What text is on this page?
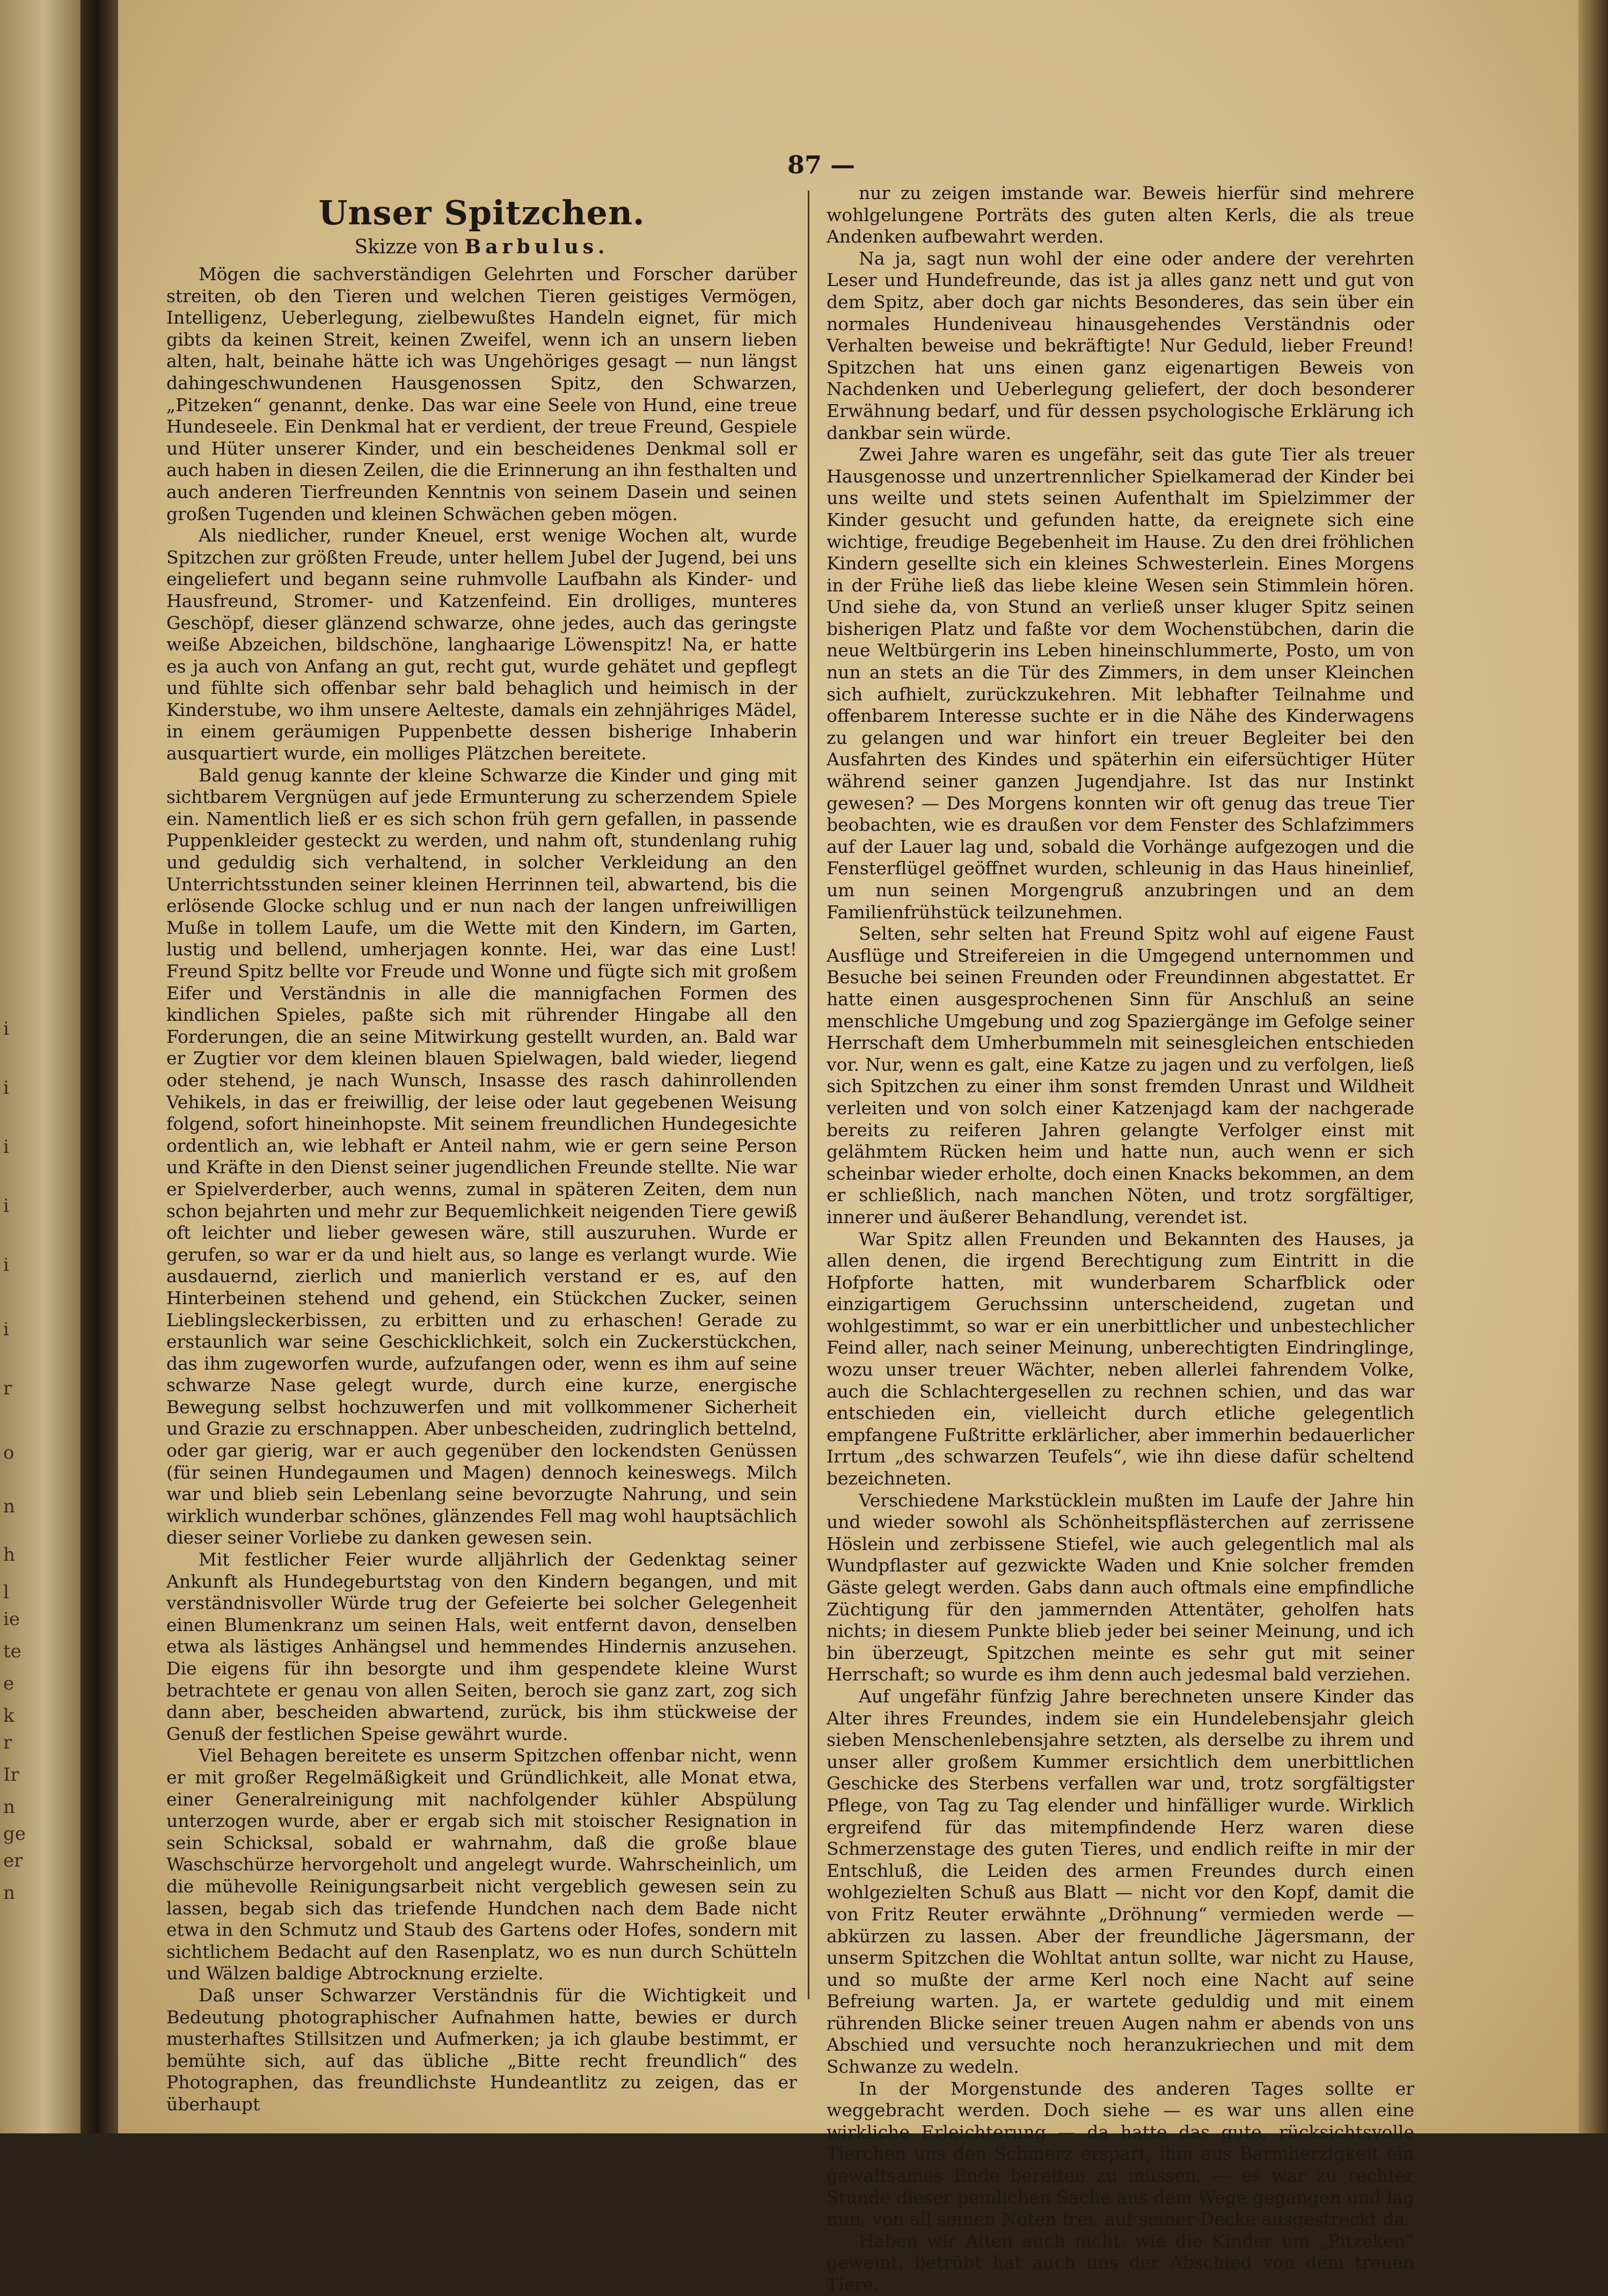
i
i
i
i
i
i
r
o
n
h
l
ie
te
e
k
r
Ir
n
ge
er
n
87 —
Unser Spitzchen.
Skizze von Barbulus.

Mögen die sachverständigen Gelehrten und Forscher darüber streiten, ob den Tieren und welchen Tieren geistiges Vermögen, Intelligenz, Ueberlegung, zielbewußtes Handeln eignet, für mich gibts da keinen Streit, keinen Zweifel, wenn ich an unsern lieben alten, halt, beinahe hätte ich was Ungehöriges gesagt — nun längst dahingeschwundenen Hausgenossen Spitz, den Schwarzen, „Pitzeken“ genannt, denke. Das war eine Seele von Hund, eine treue Hundeseele. Ein Denkmal hat er verdient, der treue Freund, Gespiele und Hüter unserer Kinder, und ein bescheidenes Denkmal soll er auch haben in diesen Zeilen, die die Erinnerung an ihn festhalten und auch anderen Tierfreunden Kenntnis von seinem Dasein und seinen großen Tugenden und kleinen Schwächen geben mögen.

Als niedlicher, runder Kneuel, erst wenige Wochen alt, wurde Spitzchen zur größten Freude, unter hellem Jubel der Jugend, bei uns eingeliefert und begann seine ruhmvolle Laufbahn als Kinder- und Hausfreund, Stromer- und Katzenfeind. Ein drolliges, munteres Geschöpf, dieser glänzend schwarze, ohne jedes, auch das geringste weiße Abzeichen, bildschöne, langhaarige Löwenspitz! Na, er hatte es ja auch von Anfang an gut, recht gut, wurde gehätet und gepflegt und fühlte sich offenbar sehr bald behaglich und heimisch in der Kinderstube, wo ihm unsere Aelteste, damals ein zehnjähriges Mädel, in einem geräumigen Puppenbette dessen bisherige Inhaberin ausquartiert wurde, ein molliges Plätzchen bereitete.

Bald genug kannte der kleine Schwarze die Kinder und ging mit sichtbarem Vergnügen auf jede Ermunterung zu scherzendem Spiele ein. Namentlich ließ er es sich schon früh gern gefallen, in passende Puppenkleider gesteckt zu werden, und nahm oft, stundenlang ruhig und geduldig sich verhaltend, in solcher Verkleidung an den Unterrichtsstunden seiner kleinen Herrinnen teil, abwartend, bis die erlösende Glocke schlug und er nun nach der langen unfreiwilligen Muße in tollem Laufe, um die Wette mit den Kindern, im Garten, lustig und bellend, umherjagen konnte. Hei, war das eine Lust! Freund Spitz bellte vor Freude und Wonne und fügte sich mit großem Eifer und Verständnis in alle die mannigfachen Formen des kindlichen Spieles, paßte sich mit rührender Hingabe all den Forderungen, die an seine Mitwirkung gestellt wurden, an. Bald war er Zugtier vor dem kleinen blauen Spielwagen, bald wieder, liegend oder stehend, je nach Wunsch, Insasse des rasch dahinrollenden Vehikels, in das er freiwillig, der leise oder laut gegebenen Weisung folgend, sofort hineinhopste. Mit seinem freundlichen Hundegesichte ordentlich an, wie lebhaft er Anteil nahm, wie er gern seine Person und Kräfte in den Dienst seiner jugendlichen Freunde stellte. Nie war er Spielverderber, auch wenns, zumal in späteren Zeiten, dem nun schon bejahrten und mehr zur Bequemlichkeit neigenden Tiere gewiß oft leichter und lieber gewesen wäre, still auszuruhen. Wurde er gerufen, so war er da und hielt aus, so lange es verlangt wurde. Wie ausdauernd, zierlich und manierlich verstand er es, auf den Hinterbeinen stehend und gehend, ein Stückchen Zucker, seinen Lieblingsleckerbissen, zu erbitten und zu erhaschen! Gerade zu erstaunlich war seine Geschicklichkeit, solch ein Zuckerstückchen, das ihm zugeworfen wurde, aufzufangen oder, wenn es ihm auf seine schwarze Nase gelegt wurde, durch eine kurze, energische Bewegung selbst hochzuwerfen und mit vollkommener Sicherheit und Grazie zu erschnappen. Aber unbescheiden, zudringlich bettelnd, oder gar gierig, war er auch gegenüber den lockendsten Genüssen (für seinen Hundegaumen und Magen) dennoch keineswegs. Milch war und blieb sein Lebenlang seine bevorzugte Nahrung, und sein wirklich wunderbar schönes, glänzendes Fell mag wohl hauptsächlich dieser seiner Vorliebe zu danken gewesen sein.

Mit festlicher Feier wurde alljährlich der Gedenktag seiner Ankunft als Hundegeburtstag von den Kindern begangen, und mit verständnisvoller Würde trug der Gefeierte bei solcher Gelegenheit einen Blumenkranz um seinen Hals, weit entfernt davon, denselben etwa als lästiges Anhängsel und hemmendes Hindernis anzusehen. Die eigens für ihn besorgte und ihm gespendete kleine Wurst betrachtete er genau von allen Seiten, beroch sie ganz zart, zog sich dann aber, bescheiden abwartend, zurück, bis ihm stückweise der Genuß der festlichen Speise gewährt wurde.

Viel Behagen bereitete es unserm Spitzchen offenbar nicht, wenn er mit großer Regelmäßigkeit und Gründlichkeit, alle Monat etwa, einer Generalreinigung mit nachfolgender kühler Abspülung unterzogen wurde, aber er ergab sich mit stoischer Resignation in sein Schicksal, sobald er wahrnahm, daß die große blaue Waschschürze hervorgeholt und angelegt wurde. Wahrscheinlich, um die mühevolle Reinigungsarbeit nicht vergeblich gewesen sein zu lassen, begab sich das triefende Hundchen nach dem Bade nicht etwa in den Schmutz und Staub des Gartens oder Hofes, sondern mit sichtlichem Bedacht auf den Rasenplatz, wo es nun durch Schütteln und Wälzen baldige Abtrocknung erzielte.

Daß unser Schwarzer Verständnis für die Wichtigkeit und Bedeutung photographischer Aufnahmen hatte, bewies er durch musterhaftes Stillsitzen und Aufmerken; ja ich glaube bestimmt, er bemühte sich, auf das übliche „Bitte recht freundlich“ des Photographen, das freundlichste Hundeantlitz zu zeigen, das er überhaupt

nur zu zeigen imstande war. Beweis hierfür sind mehrere wohlgelungene Porträts des guten alten Kerls, die als treue Andenken aufbewahrt werden.

Na ja, sagt nun wohl der eine oder andere der verehrten Leser und Hundefreunde, das ist ja alles ganz nett und gut von dem Spitz, aber doch gar nichts Besonderes, das sein über ein normales Hundeniveau hinausgehendes Verständnis oder Verhalten beweise und bekräftigte! Nur Geduld, lieber Freund! Spitzchen hat uns einen ganz eigenartigen Beweis von Nachdenken und Ueberlegung geliefert, der doch besonderer Erwähnung bedarf, und für dessen psychologische Erklärung ich dankbar sein würde.

Zwei Jahre waren es ungefähr, seit das gute Tier als treuer Hausgenosse und unzertrennlicher Spielkamerad der Kinder bei uns weilte und stets seinen Aufenthalt im Spielzimmer der Kinder gesucht und gefunden hatte, da ereignete sich eine wichtige, freudige Begebenheit im Hause. Zu den drei fröhlichen Kindern gesellte sich ein kleines Schwesterlein. Eines Morgens in der Frühe ließ das liebe kleine Wesen sein Stimmlein hören. Und siehe da, von Stund an verließ unser kluger Spitz seinen bisherigen Platz und faßte vor dem Wochenstübchen, darin die neue Weltbürgerin ins Leben hineinschlummerte, Posto, um von nun an stets an die Tür des Zimmers, in dem unser Kleinchen sich aufhielt, zurückzukehren. Mit lebhafter Teilnahme und offenbarem Interesse suchte er in die Nähe des Kinderwagens zu gelangen und war hinfort ein treuer Begleiter bei den Ausfahrten des Kindes und späterhin ein eifersüchtiger Hüter während seiner ganzen Jugendjahre. Ist das nur Instinkt gewesen? — Des Morgens konnten wir oft genug das treue Tier beobachten, wie es draußen vor dem Fenster des Schlafzimmers auf der Lauer lag und, sobald die Vorhänge aufgezogen und die Fensterflügel geöffnet wurden, schleunig in das Haus hineinlief, um nun seinen Morgengruß anzubringen und an dem Familienfrühstück teilzunehmen.

Selten, sehr selten hat Freund Spitz wohl auf eigene Faust Ausflüge und Streifereien in die Umgegend unternommen und Besuche bei seinen Freunden oder Freundinnen abgestattet. Er hatte einen ausgesprochenen Sinn für Anschluß an seine menschliche Umgebung und zog Spaziergänge im Gefolge seiner Herrschaft dem Umherbummeln mit seinesgleichen entschieden vor. Nur, wenn es galt, eine Katze zu jagen und zu verfolgen, ließ sich Spitzchen zu einer ihm sonst fremden Unrast und Wildheit verleiten und von solch einer Katzenjagd kam der nachgerade bereits zu reiferen Jahren gelangte Verfolger einst mit gelähmtem Rücken heim und hatte nun, auch wenn er sich scheinbar wieder erholte, doch einen Knacks bekommen, an dem er schließlich, nach manchen Nöten, und trotz sorgfältiger, innerer und äußerer Behandlung, verendet ist.

War Spitz allen Freunden und Bekannten des Hauses, ja allen denen, die irgend Berechtigung zum Eintritt in die Hofpforte hatten, mit wunderbarem Scharfblick oder einzigartigem Geruchssinn unterscheidend, zugetan und wohlgestimmt, so war er ein unerbittlicher und unbestechlicher Feind aller, nach seiner Meinung, unberechtigten Eindringlinge, wozu unser treuer Wächter, neben allerlei fahrendem Volke, auch die Schlachtergesellen zu rechnen schien, und das war entschieden ein, vielleicht durch etliche gelegentlich empfangene Fußtritte erklärlicher, aber immerhin bedauerlicher Irrtum „des schwarzen Teufels“, wie ihn diese dafür scheltend bezeichneten.

Verschiedene Markstücklein mußten im Laufe der Jahre hin und wieder sowohl als Schönheitspflästerchen auf zerrissene Höslein und zerbissene Stiefel, wie auch gelegentlich mal als Wundpflaster auf gezwickte Waden und Knie solcher fremden Gäste gelegt werden. Gabs dann auch oftmals eine empfindliche Züchtigung für den jammernden Attentäter, geholfen hats nichts; in diesem Punkte blieb jeder bei seiner Meinung, und ich bin überzeugt, Spitzchen meinte es sehr gut mit seiner Herrschaft; so wurde es ihm denn auch jedesmal bald verziehen.

Auf ungefähr fünfzig Jahre berechneten unsere Kinder das Alter ihres Freundes, indem sie ein Hundelebensjahr gleich sieben Menschenlebensjahre setzten, als derselbe zu ihrem und unser aller großem Kummer ersichtlich dem unerbittlichen Geschicke des Sterbens verfallen war und, trotz sorgfältigster Pflege, von Tag zu Tag elender und hinfälliger wurde. Wirklich ergreifend für das mitempfindende Herz waren diese Schmerzenstage des guten Tieres, und endlich reifte in mir der Entschluß, die Leiden des armen Freundes durch einen wohlgezielten Schuß aus Blatt — nicht vor den Kopf, damit die von Fritz Reuter erwähnte „Dröhnung“ vermieden werde — abkürzen zu lassen. Aber der freundliche Jägersmann, der unserm Spitzchen die Wohltat antun sollte, war nicht zu Hause, und so mußte der arme Kerl noch eine Nacht auf seine Befreiung warten. Ja, er wartete geduldig und mit einem rührenden Blicke seiner treuen Augen nahm er abends von uns Abschied und versuchte noch heranzukriechen und mit dem Schwanze zu wedeln.

In der Morgenstunde des anderen Tages sollte er weggebracht werden. Doch siehe — es war uns allen eine wirkliche Erleichterung — da hatte das gute, rücksichtsvolle Tierchen uns den Schmerz erspart, ihm aus Barmherzigkeit ein gewaltsames Ende bereiten zu müssen, — es war zu rechter Stunde dieser peinlichen Sache aus dem Wege gegangen und lag nun, von all seinen Nöten frei, auf seiner Decke ausgestreckt da.

Haben wir Alten auch nicht, wie die Kinder um „Pitzeken“ geweint, betrübt hat auch uns der Abschied von dem treuen Tiere.
